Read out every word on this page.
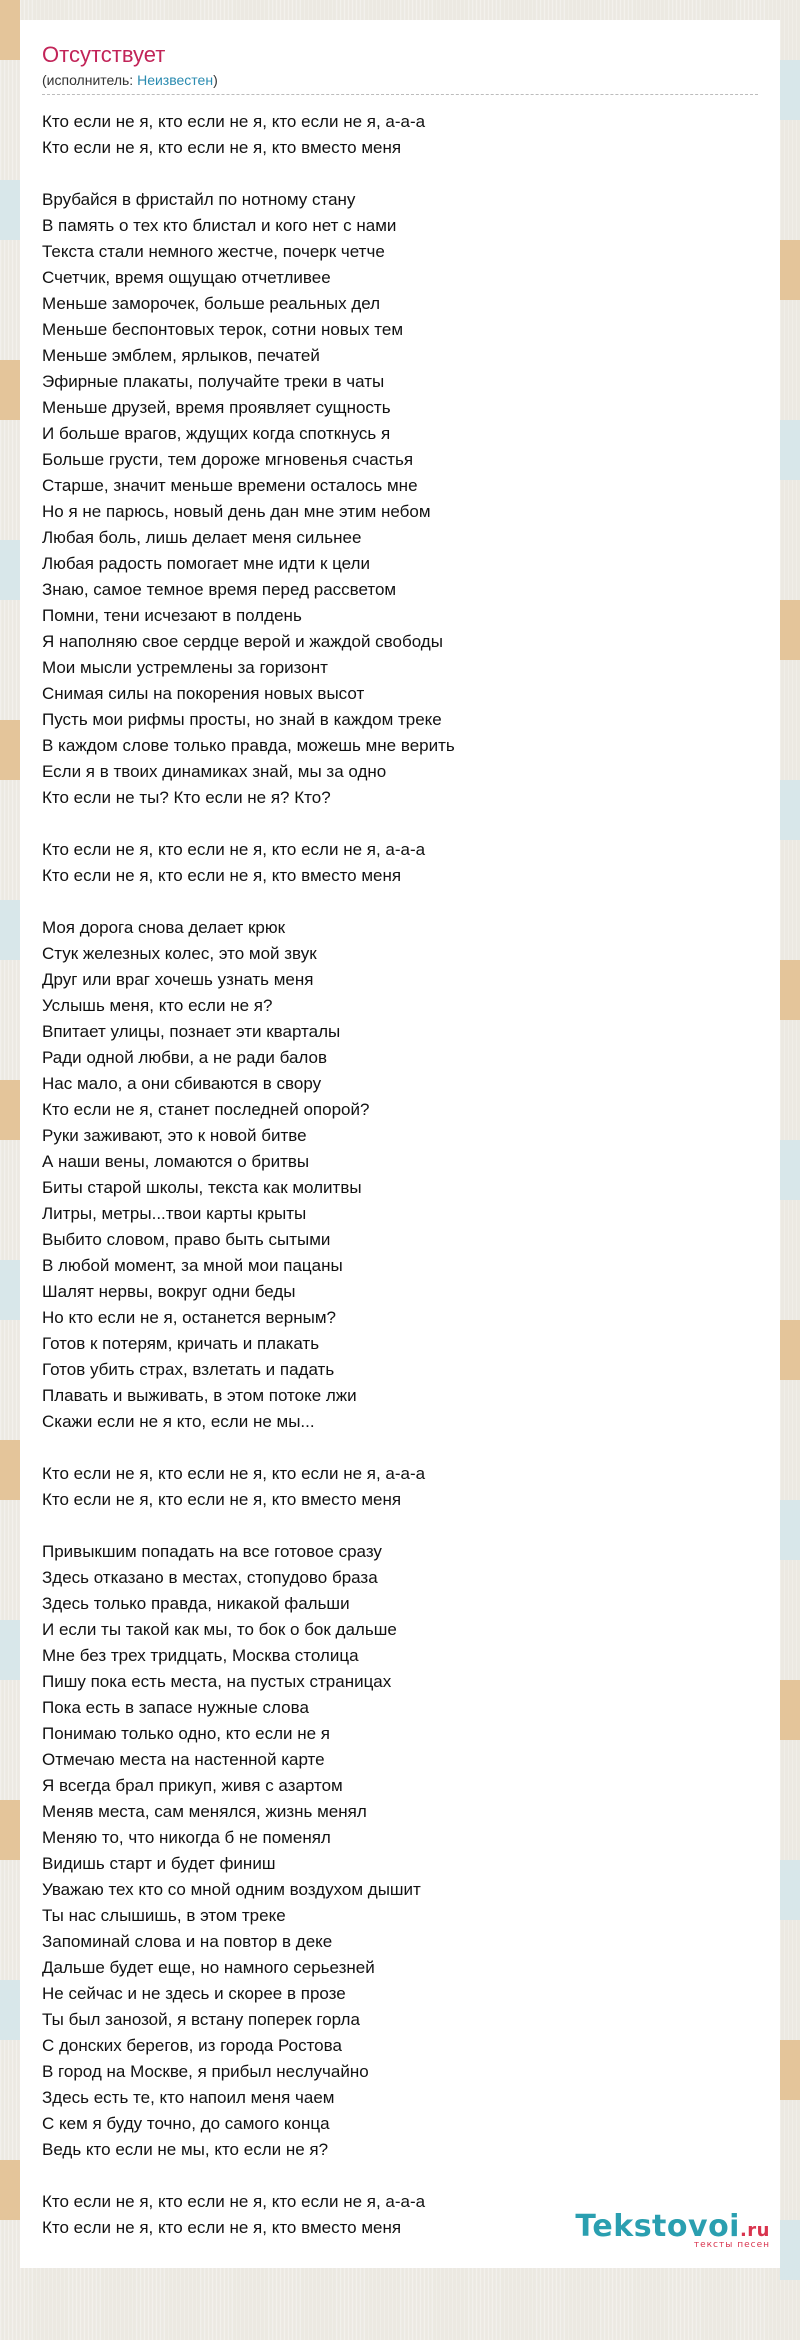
Отсутствует
(исполнитель: Неизвестен)
Кто если не я, кто если не я, кто если не я, а-а-а
Кто если не я, кто если не я, кто вместо меня
Врубайся в фристайл по нотному стану
В память о тех кто блистал и кого нет с нами
Текста стали немного жестче, почерк четче
Счетчик, время ощущаю отчетливее
Меньше заморочек, больше реальных дел
Меньше беспонтовых терок, сотни новых тем
Меньше эмблем, ярлыков, печатей
Эфирные плакаты, получайте треки в чаты
Меньше друзей, время проявляет сущность
И больше врагов, ждущих когда споткнусь я
Больше грусти, тем дороже мгновенья счастья
Старше, значит меньше времени осталось мне
Но я не парюсь, новый день дан мне этим небом
Любая боль, лишь делает меня сильнее
Любая радость помогает мне идти к цели
Знаю, самое темное время перед рассветом
Помни, тени исчезают в полдень
Я наполняю свое сердце верой и жаждой свободы
Мои мысли устремлены за горизонт
Снимая силы на покорения новых высот
Пусть мои рифмы просты, но знай в каждом треке
В каждом слове только правда, можешь мне верить
Если я в твоих динамиках знай, мы за одно
Кто если не ты? Кто если не я? Кто?
Кто если не я, кто если не я, кто если не я, а-а-а
Кто если не я, кто если не я, кто вместо меня
Моя дорога снова делает крюк
Стук железных колес, это мой звук
Друг или враг хочешь узнать меня
Услышь меня, кто если не я?
Впитает улицы, познает эти кварталы
Ради одной любви, а не ради балов
Нас мало, а они сбиваются в свору
Кто если не я, станет последней опорой?
Руки заживают, это к новой битве
А наши вены, ломаются о бритвы
Биты старой школы, текста как молитвы
Литры, метры...твои карты крыты
Выбито словом, право быть сытыми
В любой момент, за мной мои пацаны
Шалят нервы, вокруг одни беды
Но кто если не я, останется верным?
Готов к потерям, кричать и плакать
Готов убить страх, взлетать и падать
Плавать и выживать, в этом потоке лжи
Скажи если не я кто, если не мы...
Кто если не я, кто если не я, кто если не я, а-а-а
Кто если не я, кто если не я, кто вместо меня
Привыкшим попадать на все готовое сразу
Здесь отказано в местах, стопудово браза
Здесь только правда, никакой фальши
И если ты такой как мы, то бок о бок дальше
Мне без трех тридцать, Москва столица
Пишу пока есть места, на пустых страницах
Пока есть в запасе нужные слова
Понимаю только одно, кто если не я
Отмечаю места на настенной карте
Я всегда брал прикуп, живя с азартом
Меняв места, сам менялся, жизнь менял
Меняю то, что никогда б не поменял
Видишь старт и будет финиш
Уважаю тех кто со мной одним воздухом дышит
Ты нас слышишь, в этом треке
Запоминай слова и на повтор в деке
Дальше будет еще, но намного серьезней
Не сейчас и не здесь и скорее в прозе
Ты был занозой, я встану поперек горла
С донских берегов, из города Ростова
В город на Москве, я прибыл неслучайно
Здесь есть те, кто напоил меня чаем
С кем я буду точно, до самого конца
Ведь кто если не мы, кто если не я?
Кто если не я, кто если не я, кто если не я, а-а-а
Кто если не я, кто если не я, кто вместо меня	Tekstovoi.ru
тексты песен
